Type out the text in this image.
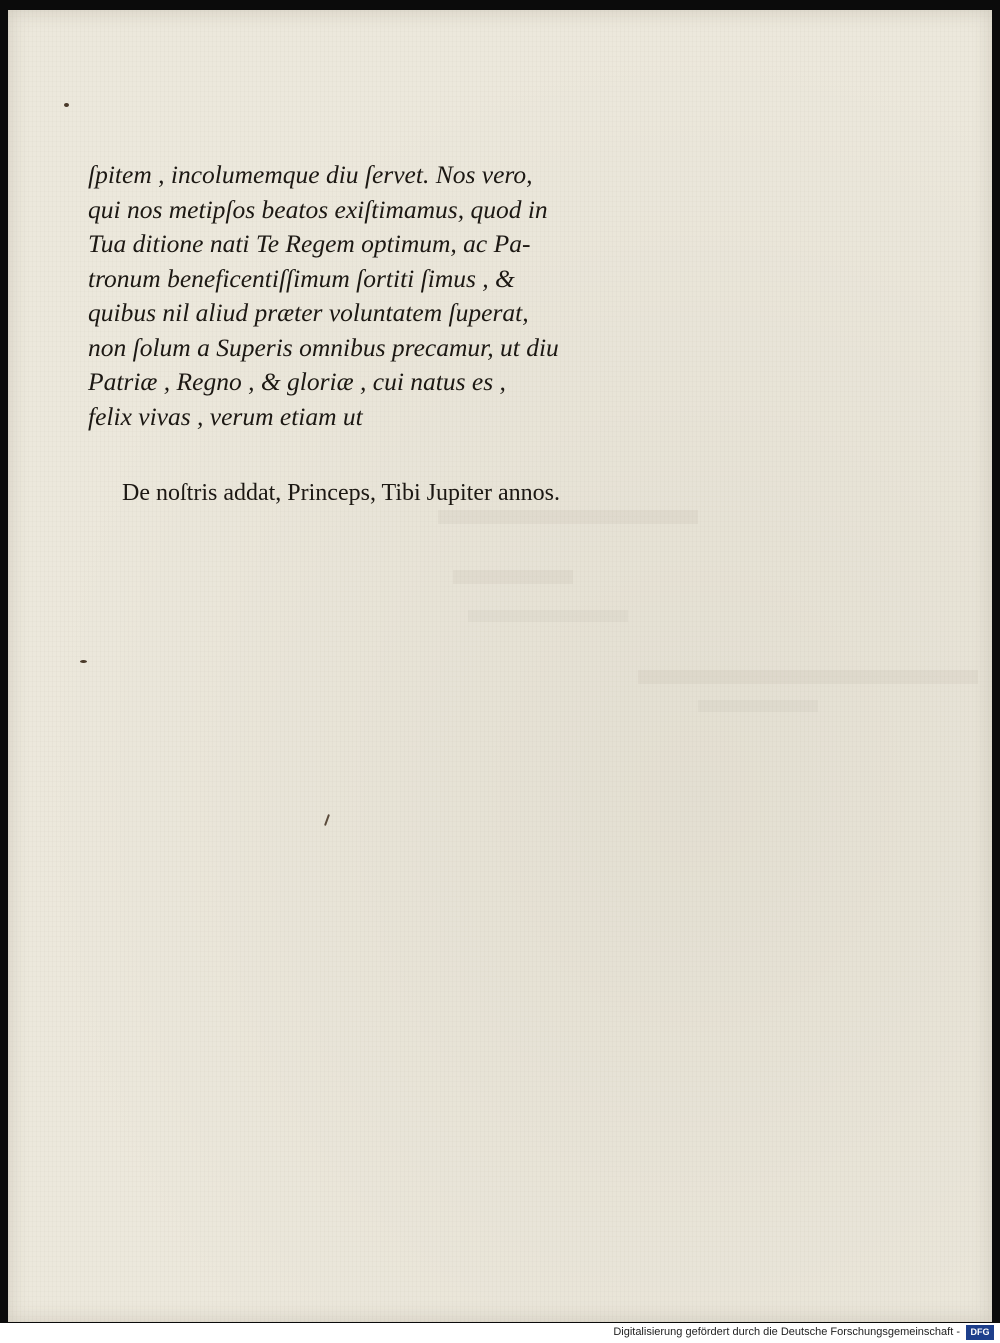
ſpitem , incolumemque diu ſervet. Nos vero,
qui nos metipſos beatos exiſtimamus, quod in
Tua ditione nati Te Regem optimum, ac Pa-
tronum beneficentiſſimum ſortiti ſimus , &
quibus nil aliud præter voluntatem ſuperat,
non ſolum a Superis omnibus precamur, ut diu
Patriæ , Regno , & gloriæ , cui natus es ,
felix vivas , verum etiam ut
De noſtris addat, Princeps, Tibi Jupiter annos.
Digitalisierung gefördert durch die Deutsche Forschungsgemeinschaft -	DFG
